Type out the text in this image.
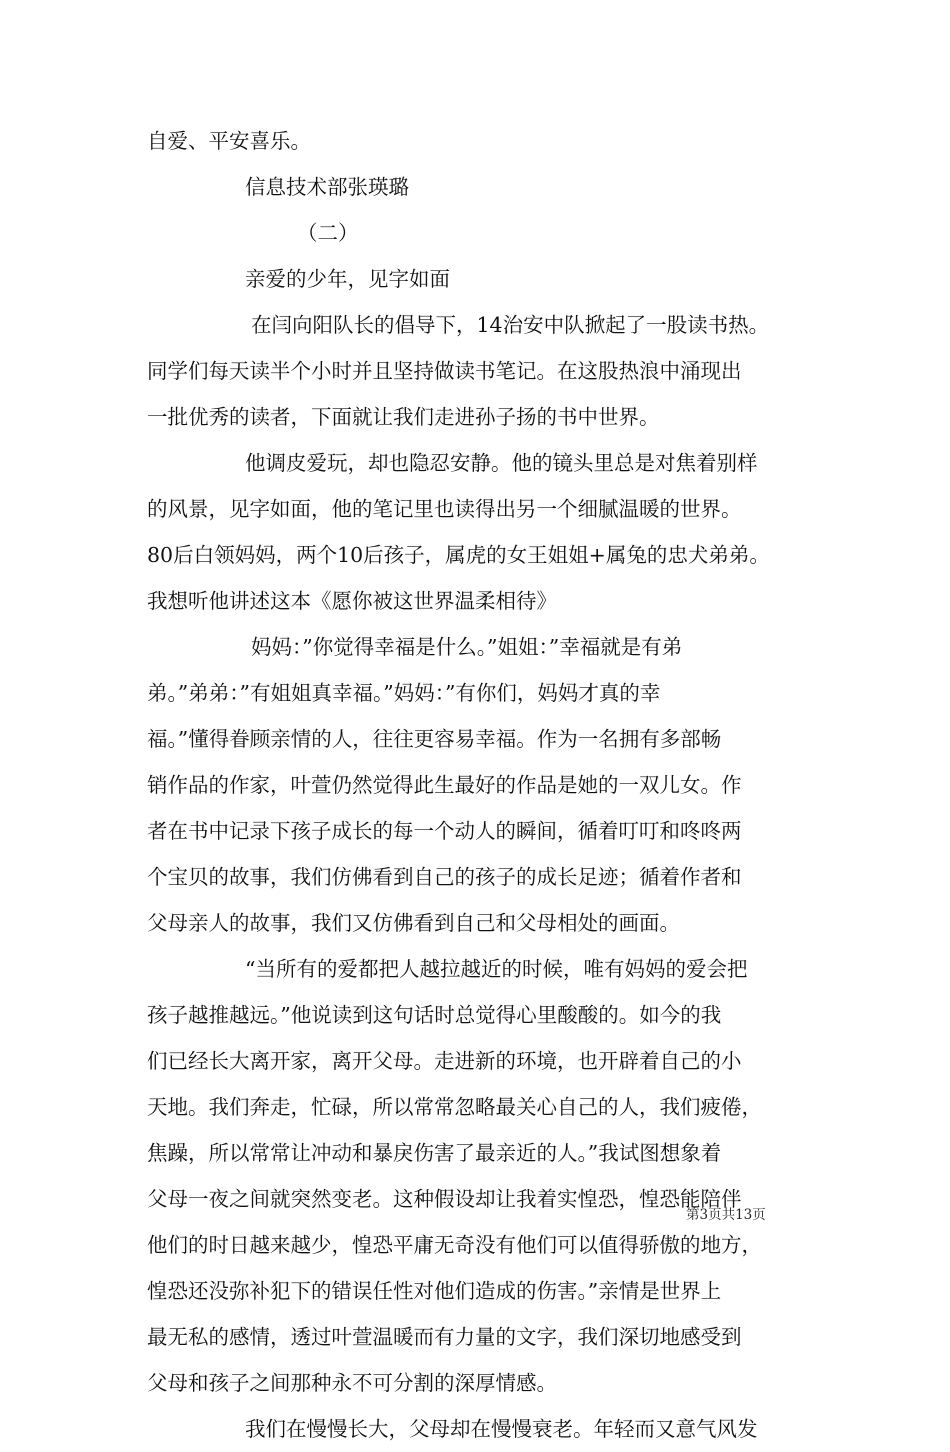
自爱、平安喜乐。
信息技术部张瑛璐
（二）
亲爱的少年，见字如面
在闫向阳队长的倡导下，14治安中队掀起了一股读书热。
同学们每天读半个小时并且坚持做读书笔记。在这股热浪中涌现出
一批优秀的读者，下面就让我们走进孙子扬的书中世界。
他调皮爱玩，却也隐忍安静。他的镜头里总是对焦着别样
的风景，见字如面，他的笔记里也读得出另一个细腻温暖的世界。
80后白领妈妈，两个10后孩子，属虎的女王姐姐+属兔的忠犬弟弟。
我想听他讲述这本《愿你被这世界温柔相待》
妈妈：”你觉得幸福是什么。”姐姐：”幸福就是有弟
弟。”弟弟：”有姐姐真幸福。”妈妈：”有你们，妈妈才真的幸
福。”懂得眷顾亲情的人，往往更容易幸福。作为一名拥有多部畅
销作品的作家，叶萱仍然觉得此生最好的作品是她的一双儿女。作
者在书中记录下孩子成长的每一个动人的瞬间，循着叮叮和咚咚两
个宝贝的故事，我们仿佛看到自己的孩子的成长足迹；循着作者和
父母亲人的故事，我们又仿佛看到自己和父母相处的画面。
“当所有的爱都把人越拉越近的时候，唯有妈妈的爱会把
孩子越推越远。”他说读到这句话时总觉得心里酸酸的。如今的我
们已经长大离开家，离开父母。走进新的环境，也开辟着自己的小
天地。我们奔走，忙碌，所以常常忽略最关心自己的人，我们疲倦，
焦躁，所以常常让冲动和暴戾伤害了最亲近的人。”我试图想象着
父母一夜之间就突然变老。这种假设却让我着实惶恐，惶恐能陪伴
他们的时日越来越少，惶恐平庸无奇没有他们可以值得骄傲的地方，
惶恐还没弥补犯下的错误任性对他们造成的伤害。”亲情是世界上
最无私的感情，透过叶萱温暖而有力量的文字，我们深切地感受到
父母和孩子之间那种永不可分割的深厚情感。
我们在慢慢长大，父母却在慢慢衰老。年轻而又意气风发
第3页共13页
